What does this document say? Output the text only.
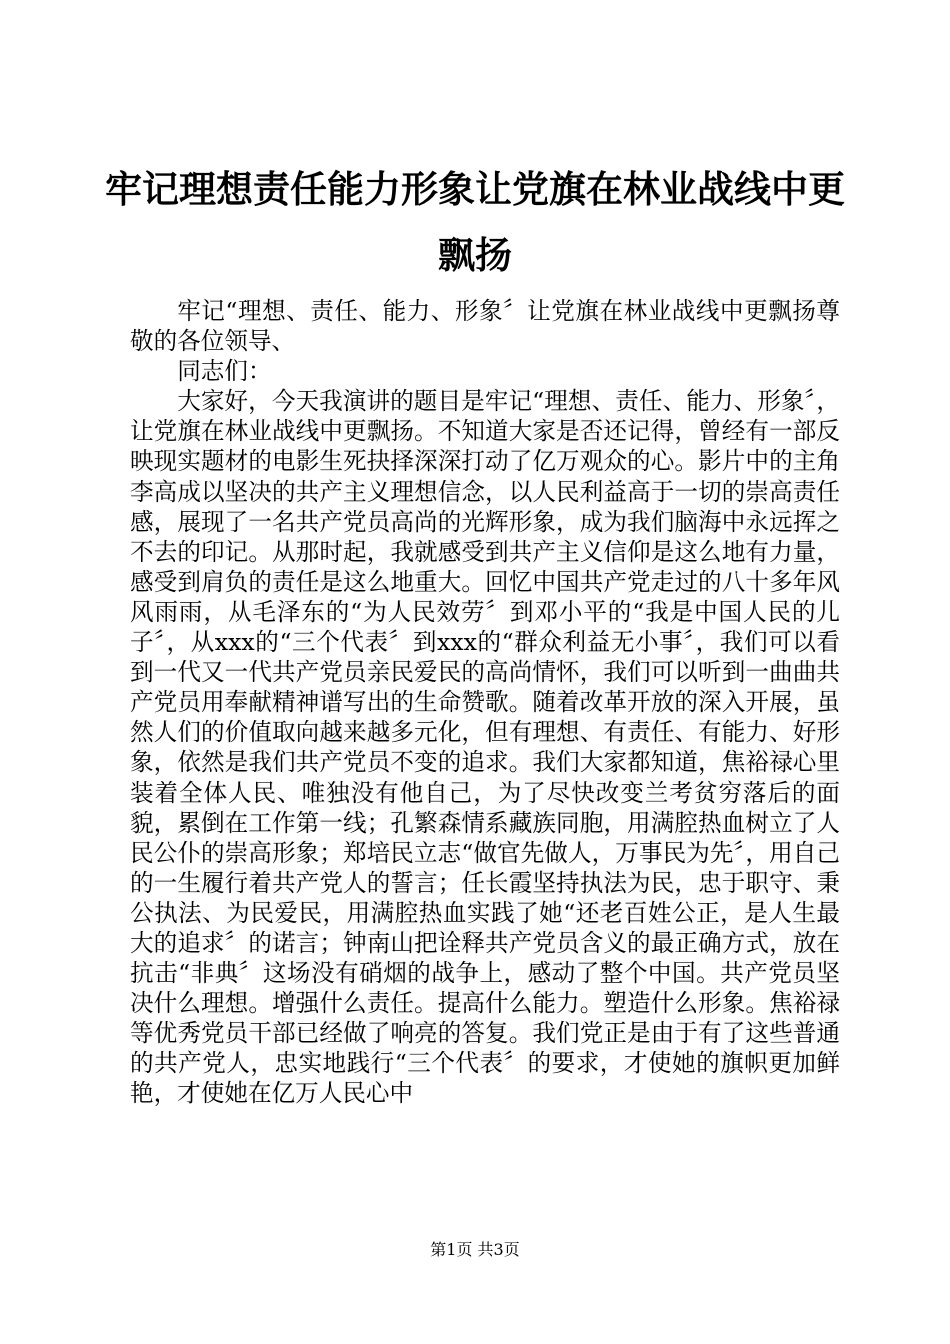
牢记理想责任能力形象让党旗在林业战线中更飘扬

牢记“理想、责任、能力、形象〞让党旗在林业战线中更飘扬尊敬的各位领导、

同志们：

大家好，今天我演讲的题目是牢记“理想、责任、能力、形象〞，让党旗在林业战线中更飘扬。不知道大家是否还记得，曾经有一部反映现实题材的电影生死抉择深深打动了亿万观众的心。影片中的主角李高成以坚决的共产主义理想信念，以人民利益高于一切的崇高责任感，展现了一名共产党员高尚的光辉形象，成为我们脑海中永远挥之不去的印记。从那时起，我就感受到共产主义信仰是这么地有力量，感受到肩负的责任是这么地重大。回忆中国共产党走过的八十多年风风雨雨，从毛泽东的“为人民效劳〞到邓小平的“我是中国人民的儿子〞，从xxx的“三个代表〞到xxx的“群众利益无小事〞，我们可以看到一代又一代共产党员亲民爱民的高尚情怀，我们可以听到一曲曲共产党员用奉献精神谱写出的生命赞歌。随着改革开放的深入开展，虽然人们的价值取向越来越多元化，但有理想、有责任、有能力、好形象，依然是我们共产党员不变的追求。我们大家都知道，焦裕禄心里装着全体人民、唯独没有他自己，为了尽快改变兰考贫穷落后的面貌，累倒在工作第一线；孔繁森情系藏族同胞，用满腔热血树立了人民公仆的崇高形象；郑培民立志“做官先做人，万事民为先〞，用自己的一生履行着共产党人的誓言；任长霞坚持执法为民，忠于职守、秉公执法、为民爱民，用满腔热血实践了她“还老百姓公正，是人生最大的追求〞的诺言；钟南山把诠释共产党员含义的最正确方式，放在抗击“非典〞这场没有硝烟的战争上，感动了整个中国。共产党员坚决什么理想。增强什么责任。提高什么能力。塑造什么形象。焦裕禄等优秀党员干部已经做了响亮的答复。我们党正是由于有了这些普通的共产党人，忠实地践行“三个代表〞的要求，才使她的旗帜更加鲜艳，才使她在亿万人民心中

第1页 共3页
